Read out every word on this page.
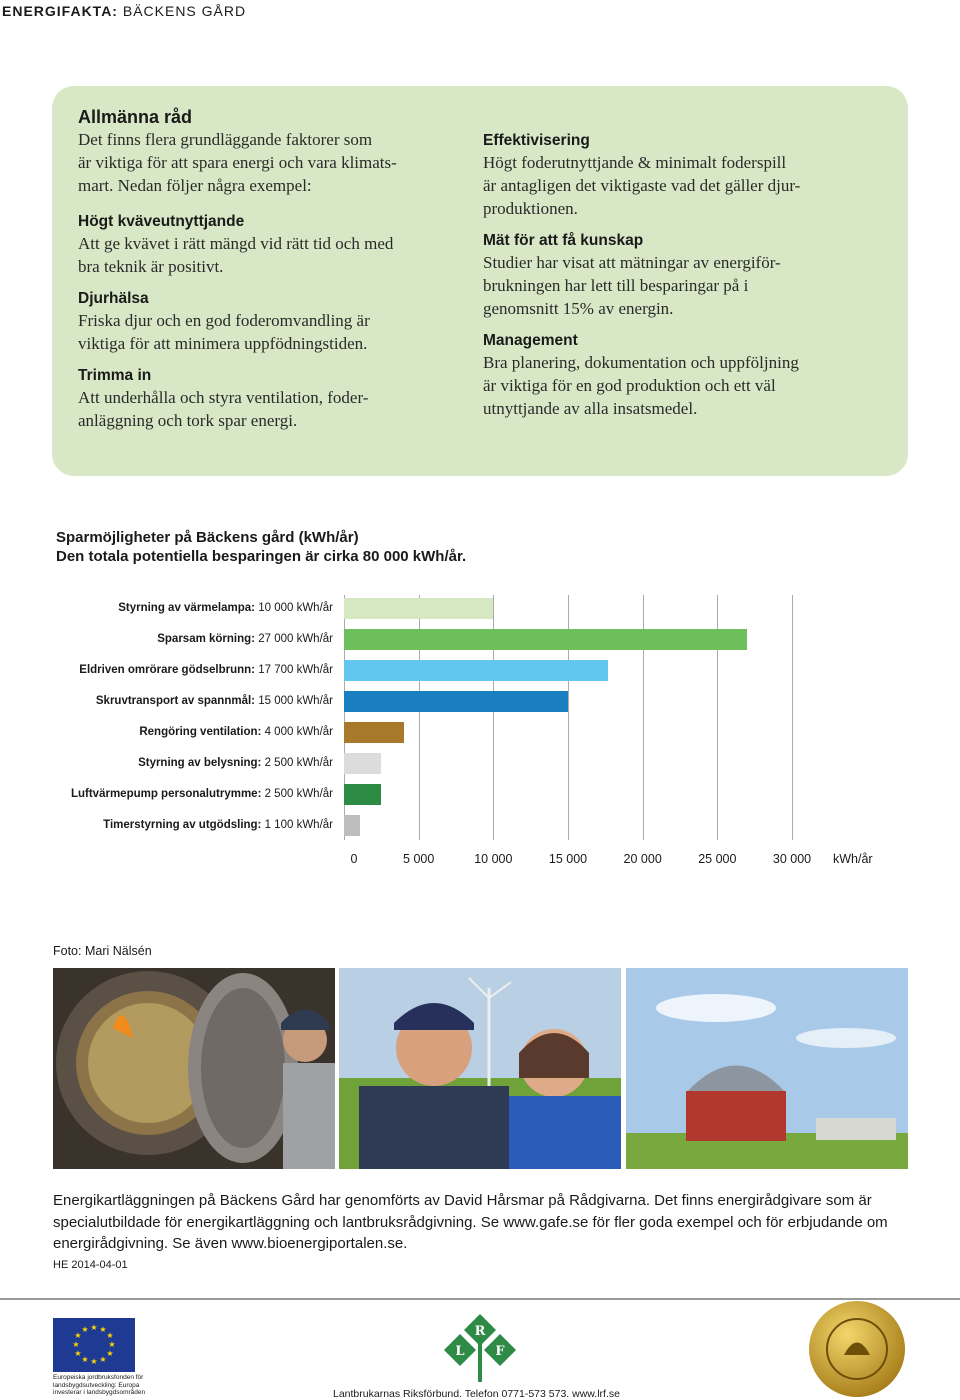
ENERGIFAKTA: BÄCKENS GÅRD
Allmänna råd
Det finns flera grundläggande faktorer som
är viktiga för att spara energi och vara klimats-
mart. Nedan följer några exempel:
Högt kväveutnyttjande
Att ge kvävet i rätt mängd vid rätt tid och med
bra teknik är positivt.
Djurhälsa
Friska djur och en god foderomvandling är
viktiga för att minimera uppfödningstiden.
Trimma in
Att underhålla och styra ventilation, foder-
anläggning och tork spar energi.
Effektivisering
Högt foderutnyttjande & minimalt foderspill
är antagligen det viktigaste vad det gäller djur-
produktionen.
Mät för att få kunskap
Studier har visat att mätningar av energiför-
brukningen har lett till besparingar på i
genomsnitt 15% av energin.
Management
Bra planering, dokumentation och uppföljning
är viktiga för en god produktion och ett väl
utnyttjande av alla insatsmedel.
Sparmöjligheter på Bäckens gård (kWh/år)
Den totala potentiella besparingen är cirka 80 000 kWh/år.
0	5 000	10 000	15 000	20 000	25 000	30 000 kWh/år
Styrning av värmelampa: 10 000 kWh/år
Sparsam körning: 27 000 kWh/år
Eldriven omrörare gödselbrunn: 17 700 kWh/år
Skruvtransport av spannmål: 15 000 kWh/år
Rengöring ventilation: 4 000 kWh/år
Styrning av belysning: 2 500 kWh/år
Luftvärmepump personalutrymme: 2 500 kWh/år
Timerstyrning av utgödsling: 1 100 kWh/år
Foto: Mari Nälsén
Energikartläggningen på Bäckens Gård har genomförts av David Hårsmar på Rådgivarna. Det finns energirådgivare som är specialutbildade för energikartläggning och lantbruksrådgivning. Se www.gafe.se för fler goda exempel och för erbjudande om energirådgivning. Se även www.bioenergiportalen.se.
HE 2014-04-01
★ ★
★
★
★
★
★
★
★
★
★
★
Europeiska jordbruksfonden för landsbygdsutveckling: Europa investerar i landsbygdsområden
R
L F
Lantbrukarnas Riksförbund. Telefon 0771-573 573. www.lrf.se
